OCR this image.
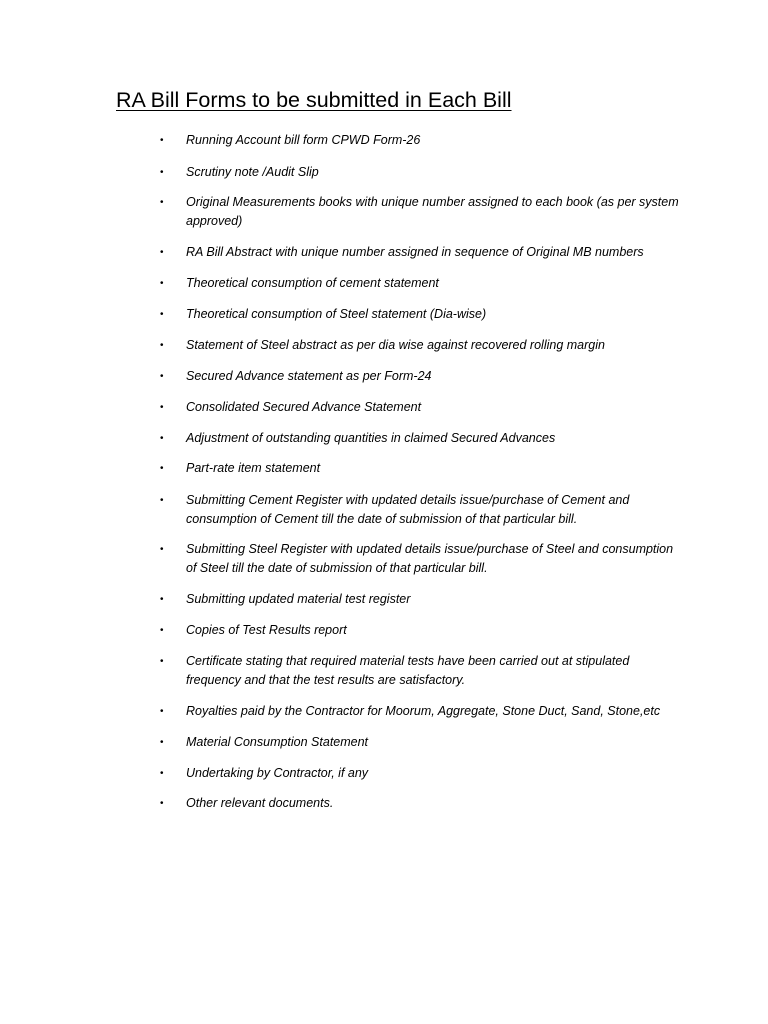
RA Bill Forms to be submitted in Each Bill
• Running Account bill form CPWD Form-26
• Scrutiny note /Audit Slip
• Original Measurements books with unique number assigned to each book (as per system approved)
• RA Bill Abstract with unique number assigned in sequence of Original MB numbers
• Theoretical consumption of cement statement
• Theoretical consumption of Steel statement (Dia-wise)
• Statement of Steel abstract as per dia wise against recovered rolling margin
• Secured Advance statement as per Form-24
• Consolidated Secured Advance Statement
• Adjustment of outstanding quantities in claimed Secured Advances
• Part-rate item statement
• Submitting Cement Register with updated details issue/purchase of Cement and consumption of Cement till the date of submission of that particular bill.
• Submitting Steel Register with updated details issue/purchase of Steel and consumption of Steel till the date of submission of that particular bill.
• Submitting updated material test register
• Copies of Test Results report
• Certificate stating that required material tests have been carried out at stipulated frequency and that the test results are satisfactory.
• Royalties paid by the Contractor for Moorum, Aggregate, Stone Duct, Sand, Stone,etc
• Material Consumption Statement
• Undertaking by Contractor, if any
• Other relevant documents.
